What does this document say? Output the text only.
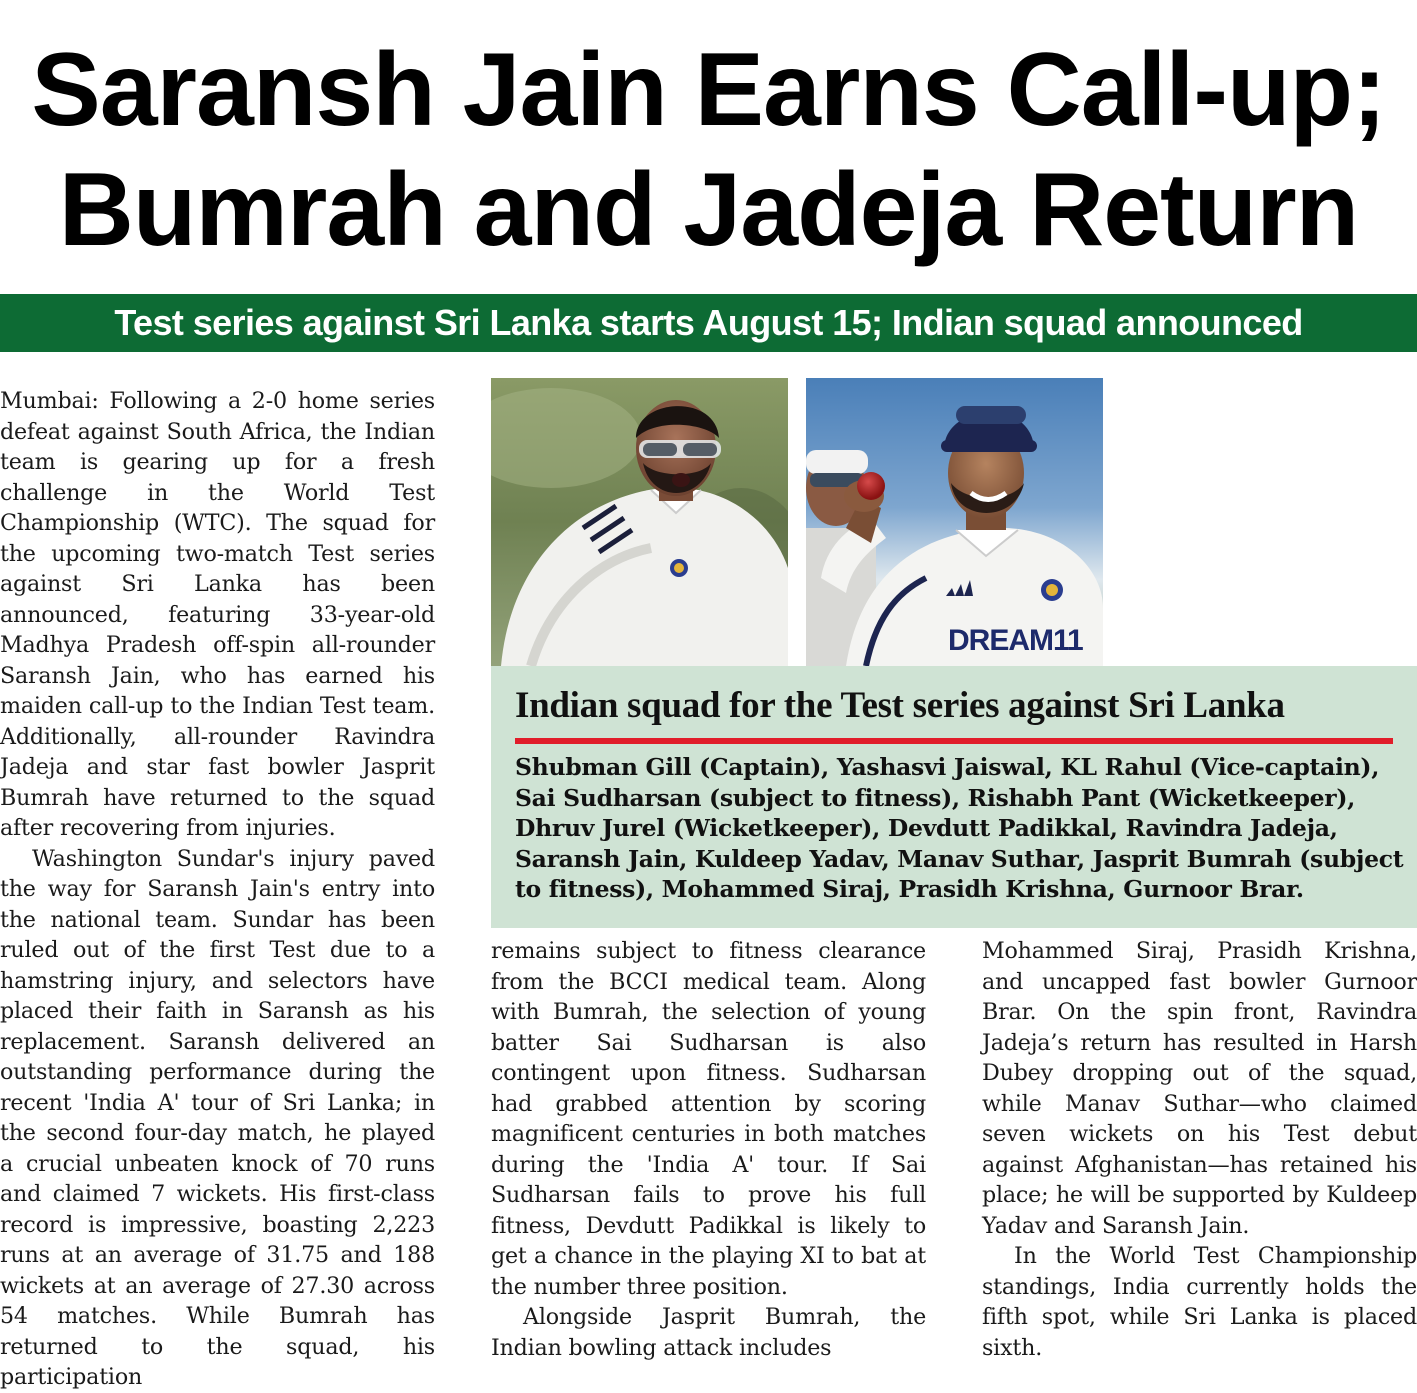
Saransh Jain Earns Call-up;
Bumrah and Jadeja Return
Test series against Sri Lanka starts August 15; Indian squad announced

Mumbai: Following a 2-0 home series defeat against South Africa, the Indian team is gearing up for a fresh challenge in the World Test Championship (WTC). The squad for the upcoming two-match Test series against Sri Lanka has been announced, featuring 33-year-old Madhya Pradesh off-spin all-rounder Saransh Jain, who has earned his maiden call-up to the Indian Test team. Additionally, all-rounder Ravindra Jadeja and star fast bowler Jasprit Bumrah have returned to the squad after recovering from injuries.

Washington Sundar's injury paved the way for Saransh Jain's entry into the national team. Sundar has been ruled out of the first Test due to a hamstring injury, and selectors have placed their faith in Saransh as his replacement. Saransh delivered an outstanding performance during the recent 'India A' tour of Sri Lanka; in the second four-day match, he played a crucial unbeaten knock of 70 runs and claimed 7 wickets. His first-class record is impressive, boasting 2,223 runs at an average of 31.75 and 188 wickets at an average of 27.30 across 54 matches. While Bumrah has returned to the squad, his participation

DREAM11
Indian squad for the Test series against Sri Lanka

Shubman Gill (Captain), Yashasvi Jaiswal, KL Rahul (Vice-captain), Sai Sudharsan (subject to fitness), Rishabh Pant (Wicketkeeper), Dhruv Jurel (Wicketkeeper), Devdutt Padikkal, Ravindra Jadeja, Saransh Jain, Kuldeep Yadav, Manav Suthar, Jasprit Bumrah (subject to fitness), Mohammed Siraj, Prasidh Krishna, Gurnoor Brar.

remains subject to fitness clearance from the BCCI medical team. Along with Bumrah, the selection of young batter Sai Sudharsan is also contingent upon fitness. Sudharsan had grabbed attention by scoring magnificent centuries in both matches during the 'India A' tour. If Sai Sudharsan fails to prove his full fitness, Devdutt Padikkal is likely to get a chance in the playing XI to bat at the number three position.

Alongside Jasprit Bumrah, the Indian bowling attack includes

Mohammed Siraj, Prasidh Krishna, and uncapped fast bowler Gurnoor Brar. On the spin front, Ravindra Jadeja’s return has resulted in Harsh Dubey dropping out of the squad, while Manav Suthar—who claimed seven wickets on his Test debut against Afghanistan—has retained his place; he will be supported by Kuldeep Yadav and Saransh Jain.

In the World Test Championship standings, India currently holds the fifth spot, while Sri Lanka is placed sixth.
